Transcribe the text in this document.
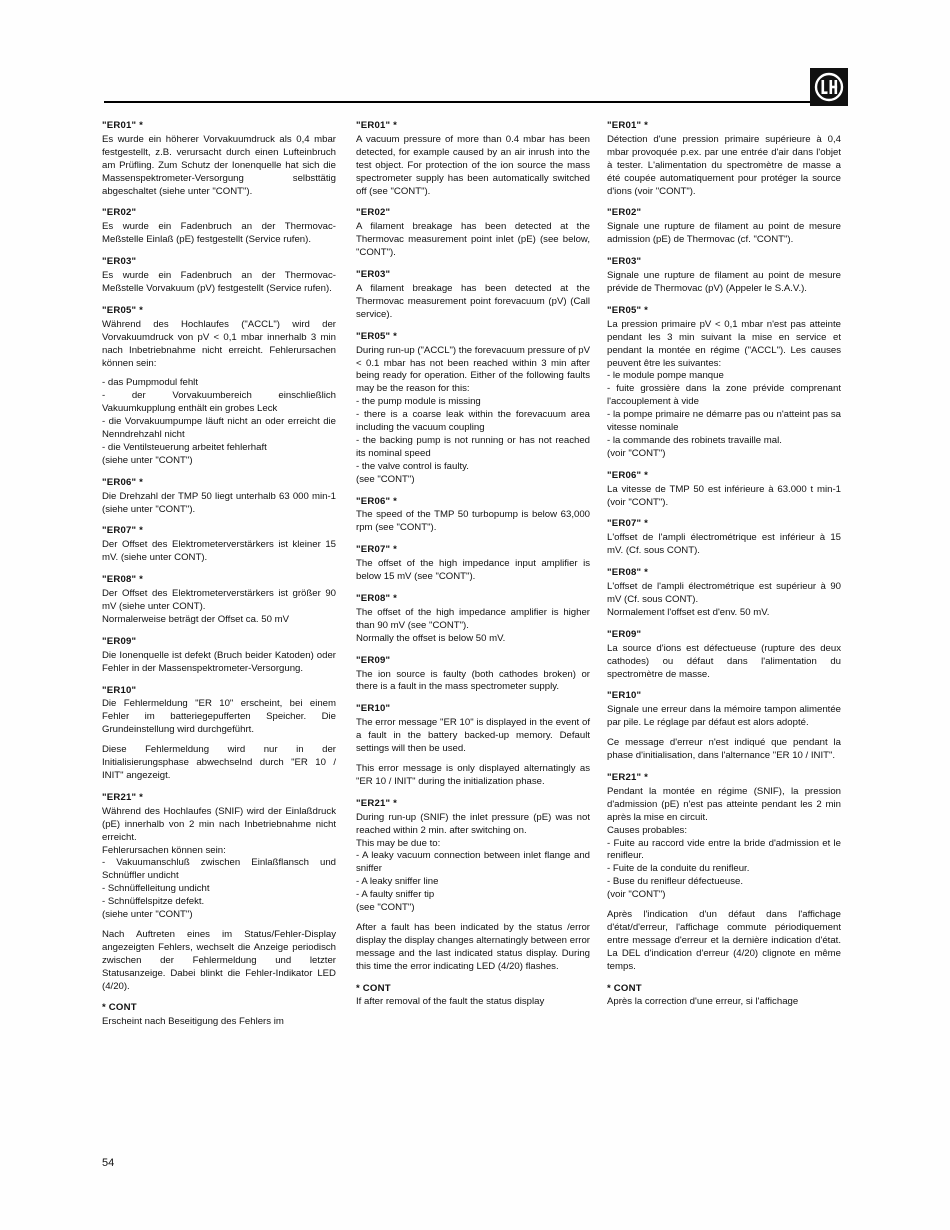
"ER01" *
Es wurde ein höherer Vorvakuumdruck als 0,4 mbar festgestellt, z.B. verursacht durch einen Lufteinbruch am Prüfling. Zum Schutz der Ionenquelle hat sich die Massenspektrometer-Versorgung selbsttätig abgeschaltet (siehe unter "CONT").
"ER02"
Es wurde ein Fadenbruch an der Thermovac-Meßstelle Einlaß (pE) festgestellt (Service rufen).
"ER03"
Es wurde ein Fadenbruch an der Thermovac-Meßstelle Vorvakuum (pV) festgestellt (Service rufen).
"ER05" *
Während des Hochlaufes ("ACCL") wird der Vorvakuumdruck von pV < 0,1 mbar innerhalb 3 min nach Inbetriebnahme nicht erreicht. Fehlerursachen können sein:
- das Pumpmodul fehlt
- der Vorvakuumbereich einschließlich Vakuumkupplung enthält ein grobes Leck
- die Vorvakuumpumpe läuft nicht an oder erreicht die Nenndrehzahl nicht
- die Ventilsteuerung arbeitet fehlerhaft
(siehe unter "CONT")
"ER06" *
Die Drehzahl der TMP 50 liegt unterhalb 63 000 min-1 (siehe unter "CONT").
"ER07" *
Der Offset des Elektrometerverstärkers ist kleiner 15 mV. (siehe unter CONT).
"ER08" *
Der Offset des Elektrometerverstärkers ist größer 90 mV (siehe unter CONT).
Normalerweise beträgt der Offset ca. 50 mV
"ER09"
Die Ionenquelle ist defekt (Bruch beider Katoden) oder Fehler in der Massenspektrometer-Versorgung.
"ER10"
Die Fehlermeldung "ER 10" erscheint, bei einem Fehler im batteriegepufferten Speicher. Die Grundeinstellung wird durchgeführt.
Diese Fehlermeldung wird nur in der Initialisierungsphase abwechselnd durch "ER 10 / INIT" angezeigt.
"ER21" *
Während des Hochlaufes (SNIF) wird der Einlaßdruck (pE) innerhalb von 2 min nach Inbetriebnahme nicht erreicht.
Fehlerursachen können sein:
- Vakuumanschluß zwischen Einlaßflansch und Schnüffler undicht
- Schnüffelleitung undicht
- Schnüffelspitze defekt.
(siehe unter "CONT")
Nach Auftreten eines im Status/Fehler-Display angezeigten Fehlers, wechselt die Anzeige periodisch zwischen der Fehlermeldung und letzter Statusanzeige. Dabei blinkt die Fehler-Indikator LED (4/20).
* CONT
Erscheint nach Beseitigung des Fehlers im
"ER01" *
A vacuum pressure of more than 0.4 mbar has been detected, for example caused by an air inrush into the test object. For protection of the ion source the mass spectrometer supply has been automatically switched off (see "CONT").
"ER02"
A filament breakage has been detected at the Thermovac measurement point inlet (pE) (see below, "CONT").
"ER03"
A filament breakage has been detected at the Thermovac measurement point forevacuum (pV) (Call service).
"ER05" *
During run-up ("ACCL") the forevacuum pressure of pV < 0.1 mbar has not been reached within 3 min after being ready for operation. Either of the following faults may be the reason for this:
- the pump module is missing
- there is a coarse leak within the forevacuum area including the vacuum coupling
- the backing pump is not running or has not reached its nominal speed
- the valve control is faulty.
(see "CONT")
"ER06" *
The speed of the TMP 50 turbopump is below 63,000 rpm (see "CONT").
"ER07" *
The offset of the high impedance input amplifier is below 15 mV (see "CONT").
"ER08" *
The offset of the high impedance amplifier is higher than 90 mV (see "CONT").
Normally the offset is below 50 mV.
"ER09"
The ion source is faulty (both cathodes broken) or there is a fault in the mass spectrometer supply.
"ER10"
The error message "ER 10" is displayed in the event of a fault in the battery backed-up memory. Default settings will then be used.
This error message is only displayed alternatingly as "ER 10 / INIT" during the initialization phase.
"ER21" *
During run-up (SNIF) the inlet pressure (pE) was not reached within 2 min. after switching on.
This may be due to:
- A leaky vacuum connection between inlet flange and sniffer
- A leaky sniffer line
- A faulty sniffer tip
(see "CONT")
After a fault has been indicated by the status /error display the display changes alternatingly between error message and the last indicated status display. During this time the error indicating LED (4/20) flashes.
* CONT
If after removal of the fault the status display
"ER01" *
Détection d'une pression primaire supérieure à 0,4 mbar provoquée p.ex. par une entrée d'air dans l'objet à tester. L'alimentation du spectromètre de masse a été coupée automatiquement pour protéger la source d'ions (voir "CONT").
"ER02"
Signale une rupture de filament au point de mesure admission (pE) de Thermovac (cf. "CONT").
"ER03"
Signale une rupture de filament au point de mesure prévide de Thermovac (pV) (Appeler le S.A.V.).
"ER05" *
La pression primaire pV < 0,1 mbar n'est pas atteinte pendant les 3 min suivant la mise en service et pendant la montée en régime ("ACCL"). Les causes peuvent être les suivantes:
- le module pompe manque
- fuite grossière dans la zone prévide comprenant l'accouplement à vide
- la pompe primaire ne démarre pas ou n'atteint pas sa vitesse nominale
- la commande des robinets travaille mal.
(voir "CONT")
"ER06" *
La vitesse de TMP 50 est inférieure à 63.000 t min-1 (voir "CONT").
"ER07" *
L'offset de l'ampli électrométrique est inférieur à 15 mV. (Cf. sous CONT).
"ER08" *
L'offset de l'ampli électrométrique est supérieur à 90 mV (Cf. sous CONT).
Normalement l'offset est d'env. 50 mV.
"ER09"
La source d'ions est défectueuse (rupture des deux cathodes) ou défaut dans l'alimentation du spectromètre de masse.
"ER10"
Signale une erreur dans la mémoire tampon alimentée par pile. Le réglage par défaut est alors adopté.
Ce message d'erreur n'est indiqué que pendant la phase d'initialisation, dans l'alternance "ER 10 / INIT".
"ER21" *
Pendant la montée en régime (SNIF), la pression d'admission (pE) n'est pas atteinte pendant les 2 min après la mise en circuit.
Causes probables:
- Fuite au raccord vide entre la bride d'admission et le renifleur.
- Fuite de la conduite du renifleur.
- Buse du renifleur défectueuse.
(voir "CONT")
Après l'indication d'un défaut dans l'affichage d'état/d'erreur, l'affichage commute périodiquement entre message d'erreur et la dernière indication d'état. La DEL d'indication d'erreur (4/20) clignote en même temps.
* CONT
Après la correction d'une erreur, si l'affichage
54
